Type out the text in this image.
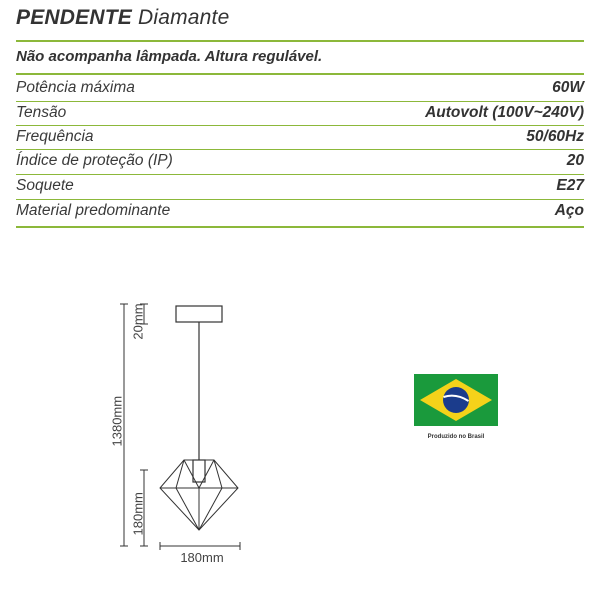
PENDENTE Diamante
Não acompanha lâmpada. Altura regulável.
Potência máxima	60W
Tensão	Autovolt (100V~240V)
Frequência	50/60Hz
Índice de proteção (IP)	20
Soquete	E27
Material predominante	Aço
20mm
1380mm
180mm
180mm
Produzido no Brasil
